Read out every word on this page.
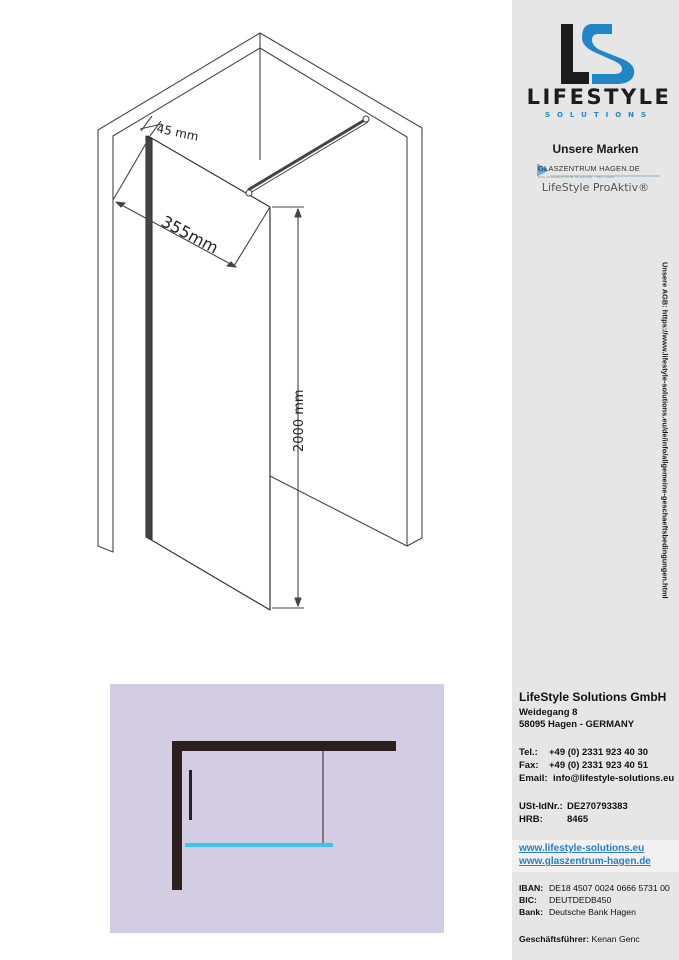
45 mm
355mm
2000 mm
LIFESTYLE
SOLUTIONS
Unsere Marken
GLASZENTRUM HAGEN.DE
DAS GLASZENTRUM IN HAGEN · SEIT 1968
LifeStyle ProAktiv®
Unsere AGB: https://www.lifestyle-solutions.eu/de/info/allgemeine-geschaeftsbedingungen.html
LifeStyle Solutions GmbH
Weidegang 8
58095 Hagen - GERMANY
Tel.:	+49 (0) 2331 923 40 30
Fax:	+49 (0) 2331 923 40 51
Email: info@lifestyle-solutions.eu
USt-IdNr.: DE270793383
HRB:	8465
www.lifestyle-solutions.eu
www.glaszentrum-hagen.de
IBAN: DE18 4507 0024 0666 5731 00
BIC:	DEUTDEDB450
Bank: Deutsche Bank Hagen
Geschäftsführer: Kenan Genc
